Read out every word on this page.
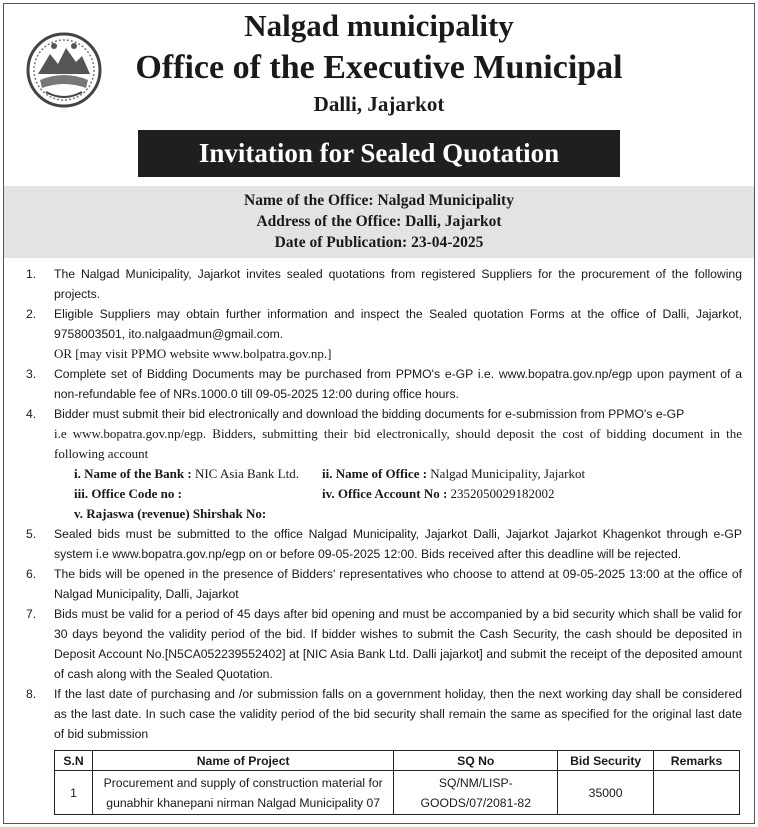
Nalgad municipality
Office of the Executive Municipal
Dalli, Jajarkot
Invitation for Sealed Quotation
Name of the Office: Nalgad Municipality
Address of the Office: Dalli, Jajarkot
Date of Publication: 23-04-2025
1. The Nalgad Municipality, Jajarkot invites sealed quotations from registered Suppliers for the procurement of the following projects.
2. Eligible Suppliers may obtain further information and inspect the Sealed quotation Forms at the office of Dalli, Jajarkot, 9758003501, ito.nalgaadmun@gmail.com.
OR [may visit PPMO website www.bolpatra.gov.np.]
3. Complete set of Bidding Documents may be purchased from PPMO's e-GP i.e. www.bopatra.gov.np/egp upon payment of a non-refundable fee of NRs.1000.0 till 09-05-2025 12:00 during office hours.
4. Bidder must submit their bid electronically and download the bidding documents for e-submission from PPMO's e-GP
i.e www.bopatra.gov.np/egp. Bidders, submitting their bid electronically, should deposit the cost of bidding document in the following account
i. Name of the Bank : NIC Asia Bank Ltd. ii. Name of Office : Nalgad Municipality, Jajarkot
iii. Office Code no :	iv. Office Account No : 2352050029182002
v. Rajaswa (revenue) Shirshak No:
5. Sealed bids must be submitted to the office Nalgad Municipality, Jajarkot Dalli, Jajarkot Jajarkot Khagenkot through e-GP system i.e www.bopatra.gov.np/egp on or before 09-05-2025 12:00. Bids received after this deadline will be rejected.
6. The bids will be opened in the presence of Bidders' representatives who choose to attend at 09-05-2025 13:00 at the office of Nalgad Municipality, Dalli, Jajarkot
7. Bids must be valid for a period of 45 days after bid opening and must be accompanied by a bid security which shall be valid for 30 days beyond the validity period of the bid. If bidder wishes to submit the Cash Security, the cash should be deposited in Deposit Account No.[N5CA052239552402] at [NIC Asia Bank Ltd. Dalli jajarkot] and submit the receipt of the deposited amount of cash along with the Sealed Quotation.
8. If the last date of purchasing and /or submission falls on a government holiday, then the next working day shall be considered as the last date. In such case the validity period of the bid security shall remain the same as specified for the original last date of bid submission
S.N	Name of Project	SQ No	Bid Security	Remarks
1	Procurement and supply of construction material for gunabhir khanepani nirman Nalgad Municipality 07	SQ/NM/LISP-GOODS/07/2081-82	35000	
